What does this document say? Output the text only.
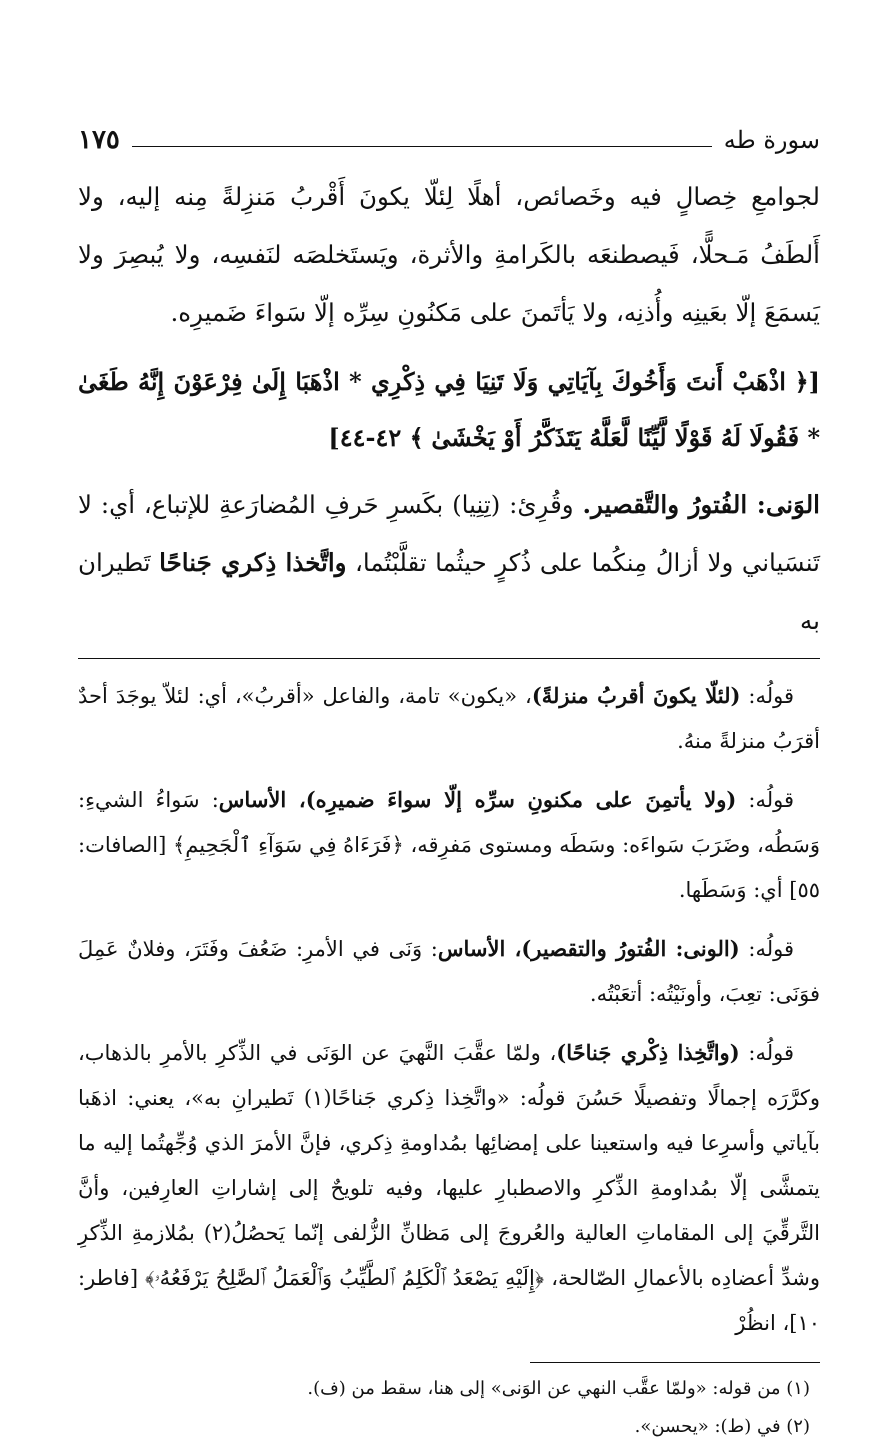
سورة طه
١٧٥

لجوامعِ خِصالٍ فيه وخَصائص، أهلًا لِئلّا يكونَ أَقْربُ مَنزِلةً مِنه إليه، ولا أَلطَفُ مَـحلًّا، فَيصطنعَه بالكَرامةِ والأثرة، ويَستَخلصَه لنَفسِه، ولا يُبصِرَ ولا يَسمَعَ إلّا بعَينِه وأُذنِه، ولا يَأتَمنَ على مَكنُونِ سِرِّه إلّا سَواءَ ضَميرِه.

[﴿ اذْهَبْ أَنتَ وَأَخُوكَ بِآيَاتِي وَلَا تَنِيَا فِي ذِكْرِي * اذْهَبَا إِلَىٰ فِرْعَوْنَ إِنَّهُ طَغَىٰ * فَقُولَا لَهُ قَوْلًا لَّيِّنًا لَّعَلَّهُ يَتَذَكَّرُ أَوْ يَخْشَىٰ ﴾ ٤٢-٤٤]

الوَنى: الفُتورُ والتَّقصير. وقُرِئ: (تِنِيا) بكَسرِ حَرفِ المُضارَعةِ للإتباع، أي: لا تَنسَياني ولا أزالُ مِنكُما على ذُكرٍ حيثُما تقلَّبْتُما، واتَّخذا ذِكري جَناحًا تَطيران به

قولُه: (لئلّا يكونَ أقربُ منزلةً)، «يكون» تامة، والفاعل «أقربُ»، أي: لئلاّ يوجَدَ أحدٌ أقرَبُ منزلةً منهُ.

قولُه: (ولا يأتمِنَ على مكنونِ سرِّه إلّا سواءَ ضميرِه)، الأساس: سَواءُ الشيءِ: وَسَطُه، وضَرَبَ سَواءَه: وسَطَه ومستوى مَفرِقه، ﴿فَرَءَاهُ فِي سَوَآءِ ٱلْجَحِيمِ﴾ [الصافات: ٥٥] أي: وَسَطَها.

قولُه: (الونى: الفُتورُ والتقصير)، الأساس: وَنَى في الأمرِ: ضَعُفَ وفَتَرَ، وفلانٌ عَمِلَ فوَنَى: تعِبَ، وأونَيْتُه: أتعَبْتُه.

قولُه: (واتَّخِذا ذِكْري جَناحًا)، ولمّا عقَّبَ النَّهيَ عن الوَنَى في الذِّكرِ بالأمرِ بالذهاب، وكرَّرَه إجمالًا وتفصيلًا حَسُنَ قولُه: «واتَّخِذا ذِكري جَناحًا(١) تَطيرانِ به»، يعني: اذهَبا بآياتي وأسرِعا فيه واستعينا على إمضائِها بمُداومةِ ذِكري، فإنَّ الأمرَ الذي وُجِّهتُما إليه ما يتمشَّى إلّا بمُداومةِ الذِّكرِ والاصطبارِ عليها، وفيه تلويحٌ إلى إشاراتِ العارِفين، وأنَّ التَّرقِّيَ إلى المقاماتِ العالية والعُروجَ إلى مَظانِّ الزُّلفى إنّما يَحصُلُ(٢) بمُلازمةِ الذِّكرِ وشدِّ أعضادِه بالأعمالِ الصّالحة، ﴿إِلَيْهِ يَصْعَدُ ٱلْكَلِمُ ٱلطَّيِّبُ وَٱلْعَمَلُ ٱلصَّٰلِحُ يَرْفَعُهُۥ﴾ [فاطر: ١٠]، انظُرْ

(١) من قوله: «ولمّا عقَّب النهي عن الوَنى» إلى هنا، سقط من (ف).

(٢) في (ط): «يحسن».
